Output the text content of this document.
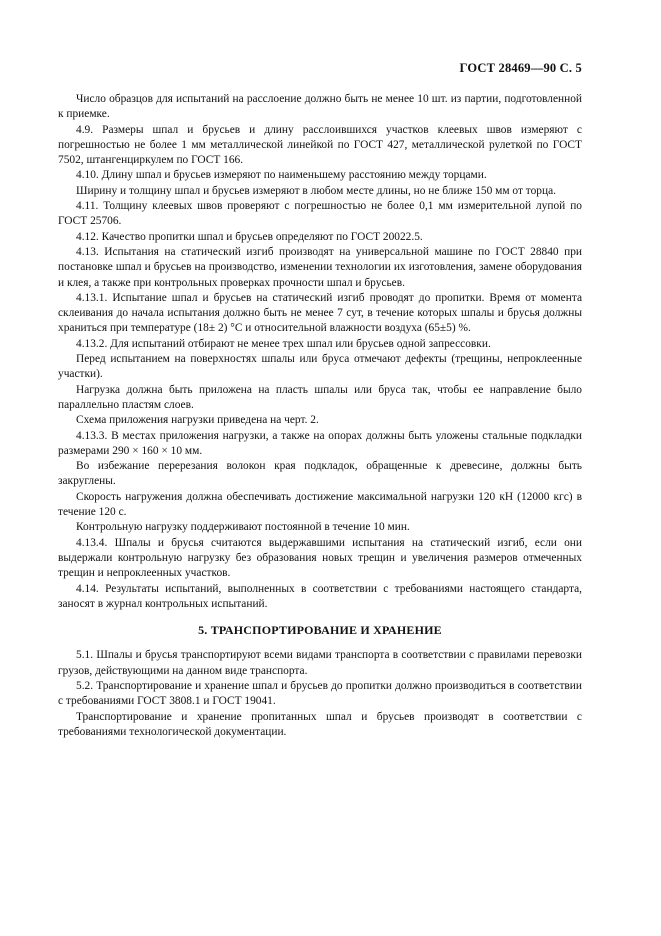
ГОСТ 28469—90 С. 5

Число образцов для испытаний на расслоение должно быть не менее 10 шт. из партии, подготовленной к приемке.

4.9. Размеры шпал и брусьев и длину расслоившихся участков клеевых швов измеряют с погрешностью не более 1 мм металлической линейкой по ГОСТ 427, металлической рулеткой по ГОСТ 7502, штангенциркулем по ГОСТ 166.

4.10. Длину шпал и брусьев измеряют по наименьшему расстоянию между торцами.

Ширину и толщину шпал и брусьев измеряют в любом месте длины, но не ближе 150 мм от торца.

4.11. Толщину клеевых швов проверяют с погрешностью не более 0,1 мм измерительной лупой по ГОСТ 25706.

4.12. Качество пропитки шпал и брусьев определяют по ГОСТ 20022.5.

4.13. Испытания на статический изгиб производят на универсальной машине по ГОСТ 28840 при постановке шпал и брусьев на производство, изменении технологии их изготовления, замене оборудования и клея, а также при контрольных проверках прочности шпал и брусьев.

4.13.1. Испытание шпал и брусьев на статический изгиб проводят до пропитки. Время от момента склеивания до начала испытания должно быть не менее 7 сут, в течение которых шпалы и брусья должны храниться при температуре (18± 2) °С и относительной влажности воздуха (65±5) %.

4.13.2. Для испытаний отбирают не менее трех шпал или брусьев одной запрессовки.

Перед испытанием на поверхностях шпалы или бруса отмечают дефекты (трещины, непроклеенные участки).

Нагрузка должна быть приложена на пласть шпалы или бруса так, чтобы ее направление было параллельно пластям слоев.

Схема приложения нагрузки приведена на черт. 2.

4.13.3. В местах приложения нагрузки, а также на опорах должны быть уложены стальные подкладки размерами 290 × 160 × 10 мм.

Во избежание перерезания волокон края подкладок, обращенные к древесине, должны быть закруглены.

Скорость нагружения должна обеспечивать достижение максимальной нагрузки 120 кН (12000 кгс) в течение 120 с.

Контрольную нагрузку поддерживают постоянной в течение 10 мин.

4.13.4. Шпалы и брусья считаются выдержавшими испытания на статический изгиб, если они выдержали контрольную нагрузку без образования новых трещин и увеличения размеров отмеченных трещин и непроклеенных участков.

4.14. Результаты испытаний, выполненных в соответствии с требованиями настоящего стандарта, заносят в журнал контрольных испытаний.

5. ТРАНСПОРТИРОВАНИЕ И ХРАНЕНИЕ

5.1. Шпалы и брусья транспортируют всеми видами транспорта в соответствии с правилами перевозки грузов, действующими на данном виде транспорта.

5.2. Транспортирование и хранение шпал и брусьев до пропитки должно производиться в соответствии с требованиями ГОСТ 3808.1 и ГОСТ 19041.

Транспортирование и хранение пропитанных шпал и брусьев производят в соответствии с требованиями технологической документации.
